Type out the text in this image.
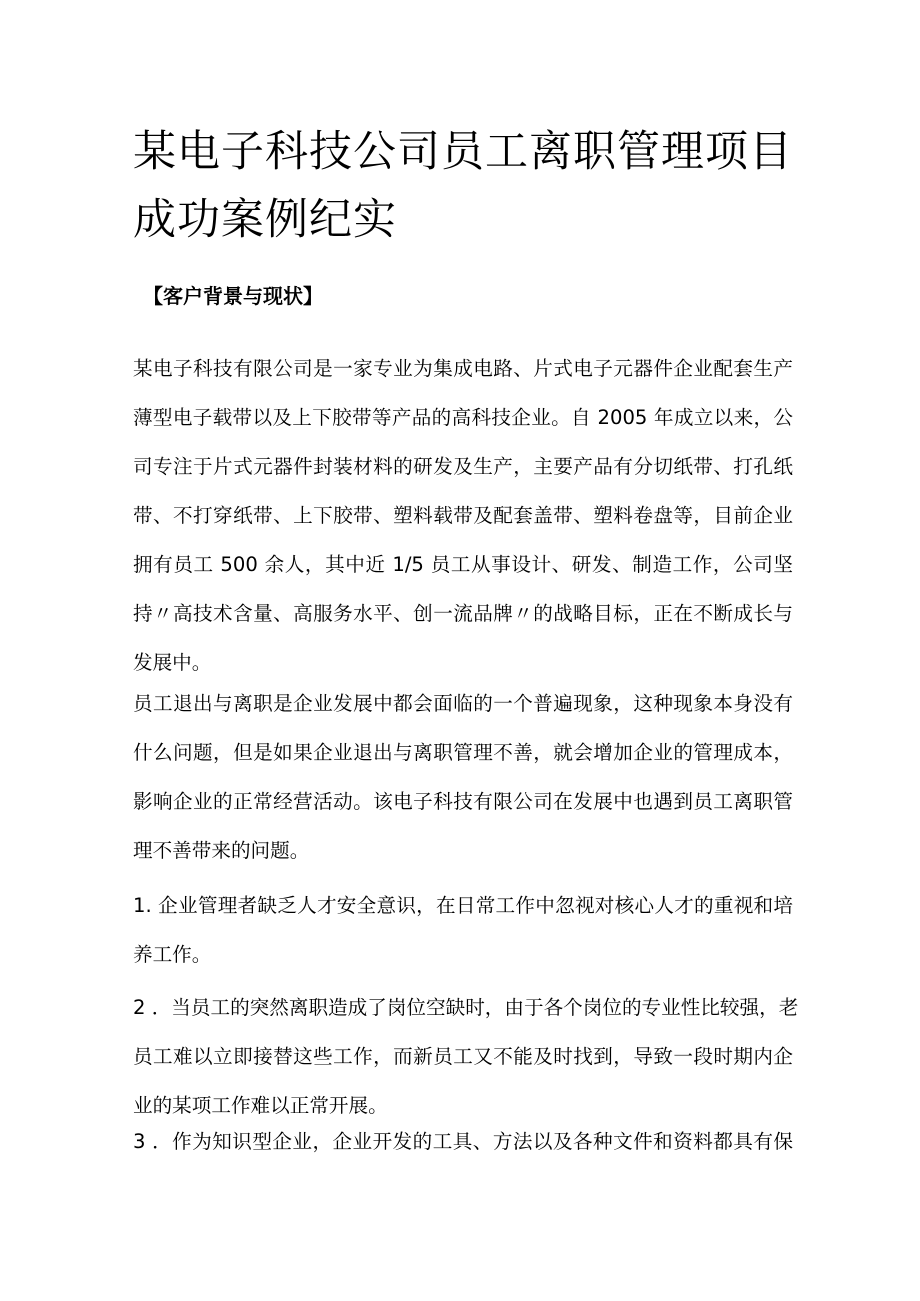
某电子科技公司员工离职管理项目
成功案例纪实
【客户背景与现状】
某电子科技有限公司是一家专业为集成电路、片式电子元器件企业配套生产
薄型电子载带以及上下胶带等产品的高科技企业。自 2005 年成立以来，公
司专注于片式元器件封装材料的研发及生产，主要产品有分切纸带、打孔纸
带、不打穿纸带、上下胶带、塑料载带及配套盖带、塑料卷盘等，目前企业
拥有员工 500 余人，其中近 1/5 员工从事设计、研发、制造工作，公司坚
持〃高技术含量、高服务水平、创一流品牌〃的战略目标，正在不断成长与
发展中。
员工退出与离职是企业发展中都会面临的一个普遍现象，这种现象本身没有
什么问题，但是如果企业退出与离职管理不善，就会增加企业的管理成本，
影响企业的正常经营活动。该电子科技有限公司在发展中也遇到员工离职管
理不善带来的问题。
1. 企业管理者缺乏人才安全意识，在日常工作中忽视对核心人才的重视和培
养工作。
2 ．当员工的突然离职造成了岗位空缺时，由于各个岗位的专业性比较强，老
员工难以立即接替这些工作，而新员工又不能及时找到，导致一段时期内企
业的某项工作难以正常开展。
3 ．作为知识型企业，企业开发的工具、方法以及各种文件和资料都具有保
